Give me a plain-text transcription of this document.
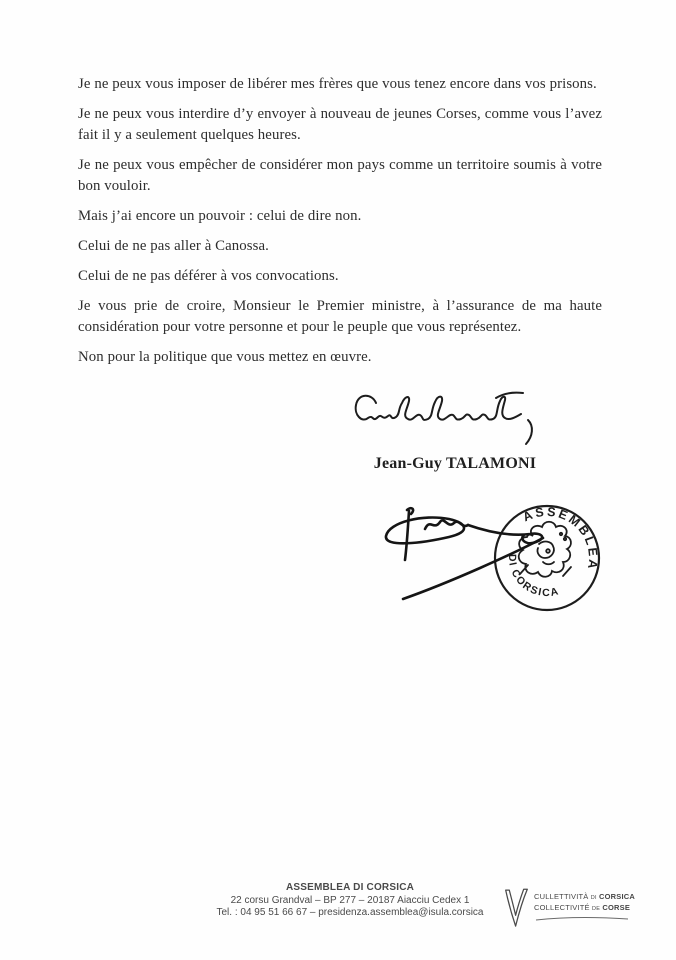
Je ne peux vous imposer de libérer mes frères que vous tenez encore dans vos prisons.

Je ne peux vous interdire d’y envoyer à nouveau de jeunes Corses, comme vous l’avez fait il y a seulement quelques heures.

Je ne peux vous empêcher de considérer mon pays comme un territoire soumis à votre bon vouloir.

Mais j’ai encore un pouvoir : celui de dire non.

Celui de ne pas aller à Canossa.

Celui de ne pas déférer à vos convocations.

Je vous prie de croire, Monsieur le Premier ministre, à l’assurance de ma haute considération pour votre personne et pour le peuple que vous représentez.

Non pour la politique que vous mettez en œuvre.

Jean-Guy TALAMONI
ASSEMBLEA
DI CORSICA
ASSEMBLEA DI CORSICA
22 corsu Grandval – BP 277 – 20187 Aiacciu Cedex 1
Tel. : 04 95 51 66 67 – presidenza.assemblea@isula.corsica
CULLETTIVITÀ DI CORSICA
COLLECTIVITÉ DE CORSE
